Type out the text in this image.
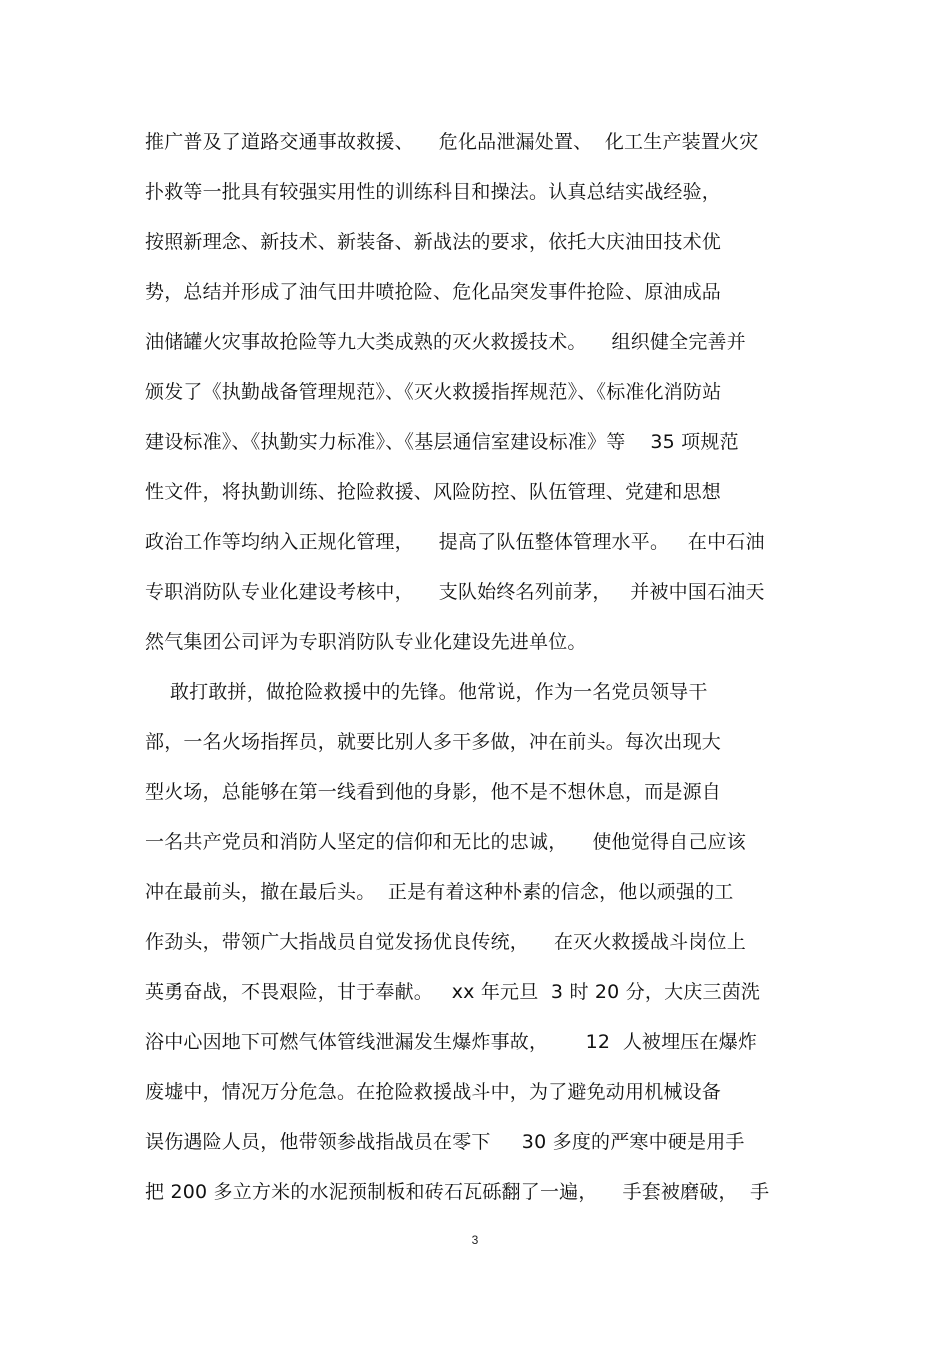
推广普及了道路交通事故救援、    危化品泄漏处置、  化工生产装置火灾
扑救等一批具有较强实用性的训练科目和操法。认真总结实战经验，
按照新理念、新技术、新装备、新战法的要求，依托大庆油田技术优
势，总结并形成了油气田井喷抢险、危化品突发事件抢险、原油成品
油储罐火灾事故抢险等九大类成熟的灭火救援技术。    组织健全完善并
颁发了《执勤战备管理规范》、《灭火救援指挥规范》、《标准化消防站
建设标准》、《执勤实力标准》、《基层通信室建设标准》等    35 项规范
性文件，将执勤训练、抢险救援、风险防控、队伍管理、党建和思想
政治工作等均纳入正规化管理，    提高了队伍整体管理水平。   在中石油
专职消防队专业化建设考核中，    支队始终名列前茅，   并被中国石油天
然气集团公司评为专职消防队专业化建设先进单位。
敢打敢拼，做抢险救援中的先锋。他常说，作为一名党员领导干
部，一名火场指挥员，就要比别人多干多做，冲在前头。每次出现大
型火场，总能够在第一线看到他的身影，他不是不想休息，而是源自
一名共产党员和消防人坚定的信仰和无比的忠诚，    使他觉得自己应该
冲在最前头，撤在最后头。  正是有着这种朴素的信念，他以顽强的工
作劲头，带领广大指战员自觉发扬优良传统，    在灭火救援战斗岗位上
英勇奋战，不畏艰险，甘于奉献。   xx 年元旦  3 时 20 分，大庆三茵洗
浴中心因地下可燃气体管线泄漏发生爆炸事故，      12  人被埋压在爆炸
废墟中，情况万分危急。在抢险救援战斗中，为了避免动用机械设备
误伤遇险人员，他带领参战指战员在零下     30 多度的严寒中硬是用手
把 200 多立方米的水泥预制板和砖石瓦砾翻了一遍，    手套被磨破，  手
3
